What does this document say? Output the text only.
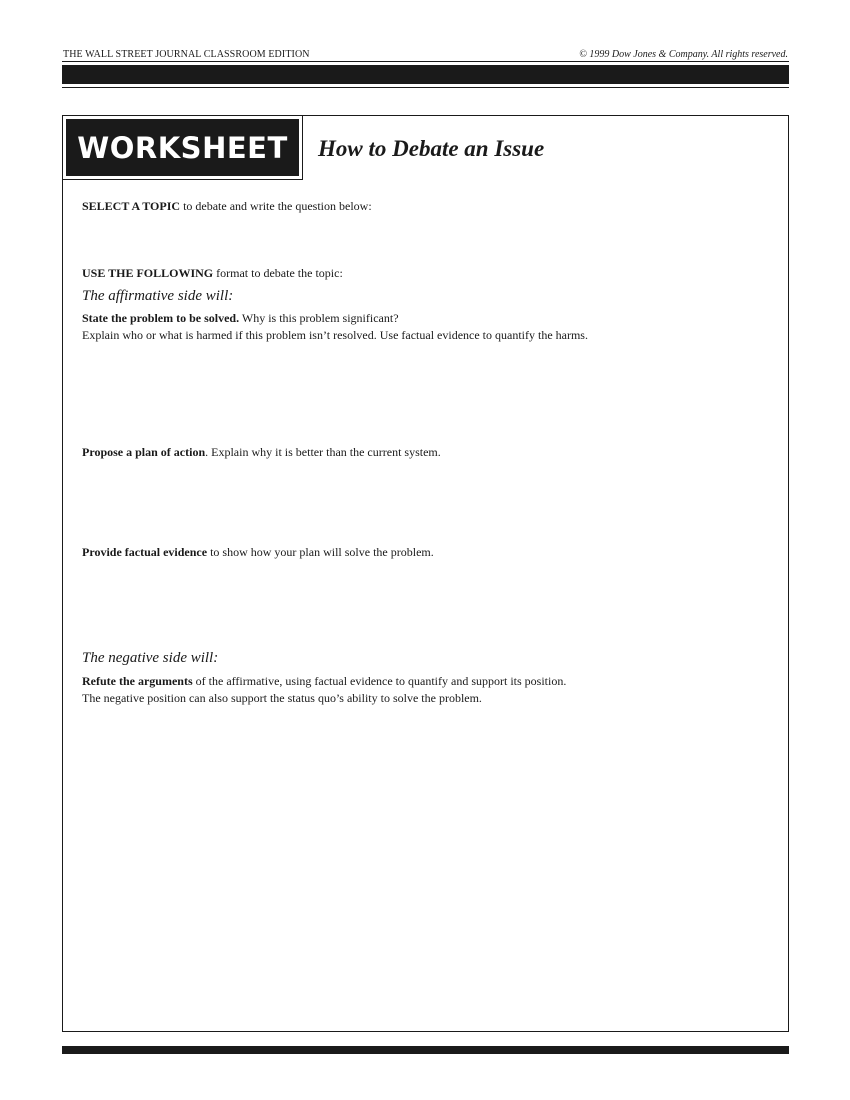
THE WALL STREET JOURNAL CLASSROOM EDITION	© 1999 Dow Jones & Company. All rights reserved.
WORKSHEET	How to Debate an Issue
SELECT A TOPIC to debate and write the question below:
USE THE FOLLOWING format to debate the topic:
The affirmative side will:
State the problem to be solved. Why is this problem significant?
Explain who or what is harmed if this problem isn’t resolved. Use factual evidence to quantify the harms.
Propose a plan of action. Explain why it is better than the current system.
Provide factual evidence to show how your plan will solve the problem.
The negative side will:
Refute the arguments of the affirmative, using factual evidence to quantify and support its position.
The negative position can also support the status quo’s ability to solve the problem.
